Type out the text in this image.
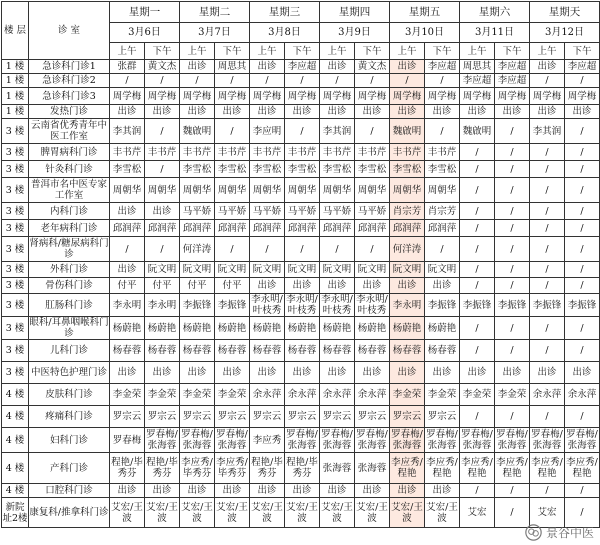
楼 层	诊 室	星期一		星期二		星期三		星期四		星期五		星期六		星期天	
		3月6日		3月7日		3月8日		3月9日		3月10日		3月11日		3月12日	
		上午	下午	上午	下午	上午	下午	上午	下午	上午	下午	上午	下午	上午	下午
1 楼	急诊科门诊1	张群	黄文杰	出诊	周思其	出诊	李应超	出诊	黄文杰	出诊	李应超	周思其	李应超	出诊	李应超
1 楼	急诊科门诊2	/	/	/	/	/	/	/	/	/	/	李应超	李应超	/	/
1 楼	急诊科门诊3	周学梅	周学梅	周学梅	周学梅	周学梅	周学梅	周学梅	周学梅	周学梅	周学梅	周学梅	周学梅	周学梅	周学梅
1 楼	发热门诊	出诊	出诊	出诊	出诊	出诊	出诊	出诊	出诊	出诊	出诊	出诊	出诊	出诊	出诊
3 楼	云南省优秀青年中医工作室	李其润	/	魏啟明	/	李应明	/	李其润	/	魏啟明	/	魏啟明	/	李其润	/
3 楼	脾胃病科门诊	丰书芹	丰书芹	丰书芹	丰书芹	丰书芹	丰书芹	丰书芹	丰书芹	丰书芹	丰书芹	/	/	/	/
3 楼	针灸科门诊	李雪松	/	李雪松	李雪松	李雪松	李雪松	李雪松	李雪松	李雪松	李雪松	/	/	/	/
3 楼	普洱市名中医专家工作室	周朝华	周朝华	周朝华	周朝华	周朝华	周朝华	周朝华	周朝华	周朝华	周朝华	/	/	/	/
3 楼	内科门诊	出诊	出诊	马平娇	马平娇	马平娇	马平娇	马平娇	马平娇	肖宗芳	肖宗芳	/	/	/	/
3 楼	老年病科门诊	邱润萍	邱润萍	邱润萍	邱润萍	邱润萍	邱润萍	邱润萍	邱润萍	邱润萍	邱润萍	/	/	/	/
3 楼	肾病科/糖尿病科门诊	/	/	何洋涛	/	/	/	/	/	何洋涛	/	/	/	/	/
3 楼	外科门诊	出诊	阮文明	阮文明	阮文明	阮文明	阮文明	阮文明	阮文明	阮文明	阮文明	/	/	/	/
3 楼	骨伤科门诊	付平	付平	付平	付平	出诊	出诊	出诊	出诊	出诊	出诊	/	/	/	/
3 楼	肛肠科门诊	李永明	李永明	李振锋	李振锋	李永明/叶枝秀	李永明/叶枝秀	李永明/叶枝秀	李永明/叶枝秀	李永明	李振锋	李振锋	李振锋	李振锋	李振锋
3 楼	眼科/耳鼻咽喉科门诊	杨蔚艳	杨蔚艳	杨蔚艳	杨蔚艳	杨蔚艳	杨蔚艳	杨蔚艳	杨蔚艳	杨蔚艳	杨蔚艳	/	/	/	/
3 楼	儿科门诊	杨春蓉	杨春蓉	杨春蓉	杨春蓉	杨春蓉	杨春蓉	杨春蓉	杨春蓉	杨春蓉	杨春蓉	/	/	/	/
3 楼	中医特色护理门诊	出诊	出诊	出诊	出诊	出诊	出诊	出诊	出诊	出诊	出诊	出诊	出诊	出诊	出诊
4 楼	皮肤科门诊	李金荣	李金荣	李金荣	李金荣	余永萍	余永萍	余永萍	余永萍	李金荣	李金荣	李金荣	李金荣	余永萍	余永萍
4 楼	疼痛科门诊	罗宗云	罗宗云	罗宗云	罗宗云	罗宗云	罗宗云	罗宗云	罗宗云	罗宗云	罗宗云	/	/	/	/
4 楼	妇科门诊	罗春梅	罗春梅/张海蓉	罗春梅/张海蓉	罗春梅/张海蓉	李应秀	罗春梅/张海蓉	罗春梅/张海蓉	罗春梅/张海蓉	罗春梅/张海蓉	罗春梅/张海蓉	罗春梅/张海蓉	罗春梅/张海蓉	罗春梅/张海蓉	罗春梅/张海蓉
4 楼	产科门诊	程艳/毕秀芬	程艳/毕秀芬	李应秀/毕秀芬	李应秀/毕秀芬	程艳/毕秀芬	程艳/毕秀芬	张海蓉	张海蓉	李应秀/程艳	李应秀/程艳	李应秀/程艳	李应秀/程艳	李应秀/程艳	李应秀/程艳
4 楼	口腔科门诊	出诊	出诊	出诊	出诊	出诊	出诊	出诊	出诊	出诊	出诊	/	/	/	/
新院址2楼	康复科/推拿科门诊	艾宏/王波	艾宏/王波	艾宏/王波	艾宏/王波	艾宏/王波	艾宏/王波	艾宏/王波	艾宏/王波	艾宏/王波	艾宏/王波	艾宏	/	艾宏	/
景谷中医
